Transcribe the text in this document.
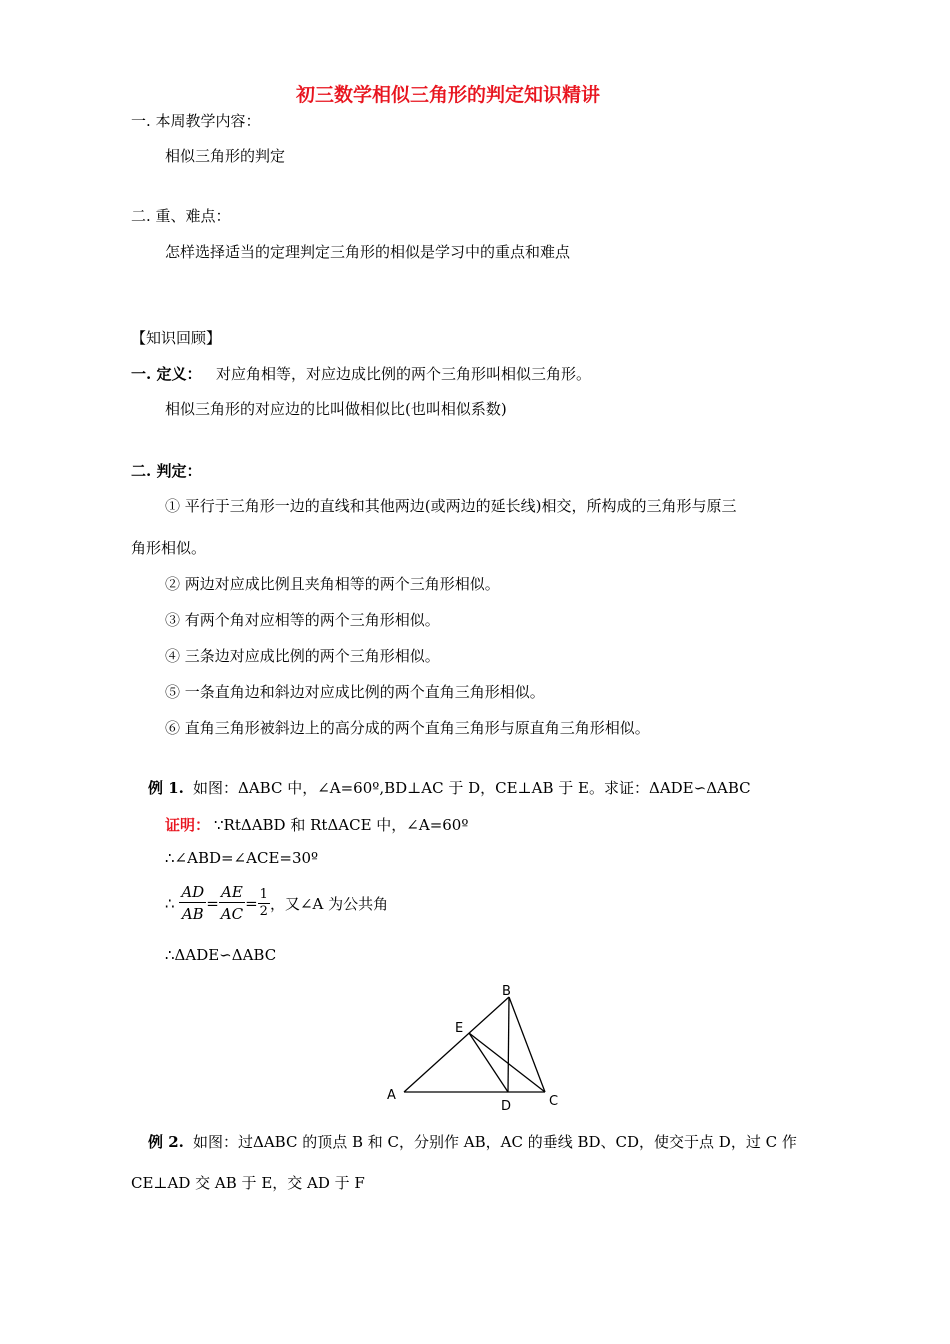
初三数学相似三角形的判定知识精讲
一. 本周教学内容：
相似三角形的判定
二. 重、难点：
怎样选择适当的定理判定三角形的相似是学习中的重点和难点
【知识回顾】
一. 定义： 对应角相等，对应边成比例的两个三角形叫相似三角形。
相似三角形的对应边的比叫做相似比(也叫相似系数)
二. 判定：
① 平行于三角形一边的直线和其他两边(或两边的延长线)相交，所构成的三角形与原三
角形相似。
② 两边对应成比例且夹角相等的两个三角形相似。
③ 有两个角对应相等的两个三角形相似。
④ 三条边对应成比例的两个三角形相似。
⑤ 一条直角边和斜边对应成比例的两个直角三角形相似。
⑥ 直角三角形被斜边上的高分成的两个直角三角形与原直角三角形相似。
例 1. 如图：ΔABC 中，∠A=60º,BD⊥AC 于 D，CE⊥AB 于 E。求证：ΔADE∽ΔABC
证明： ∵RtΔABD 和 RtΔACE 中，∠A=60º
∴∠ABD=∠ACE=30º
∴ $\frac{AD}{AB} = \frac{AE}{AC} = \frac{1}{2}$ ，又∠A 为公共角
∴ΔADE∽ΔABC
A
B
C
D
E
例 2. 如图：过ΔABC 的顶点 B 和 C，分别作 AB，AC 的垂线 BD、CD，使交于点 D，过 C 作
CE⊥AD 交 AB 于 E，交 AD 于 F
